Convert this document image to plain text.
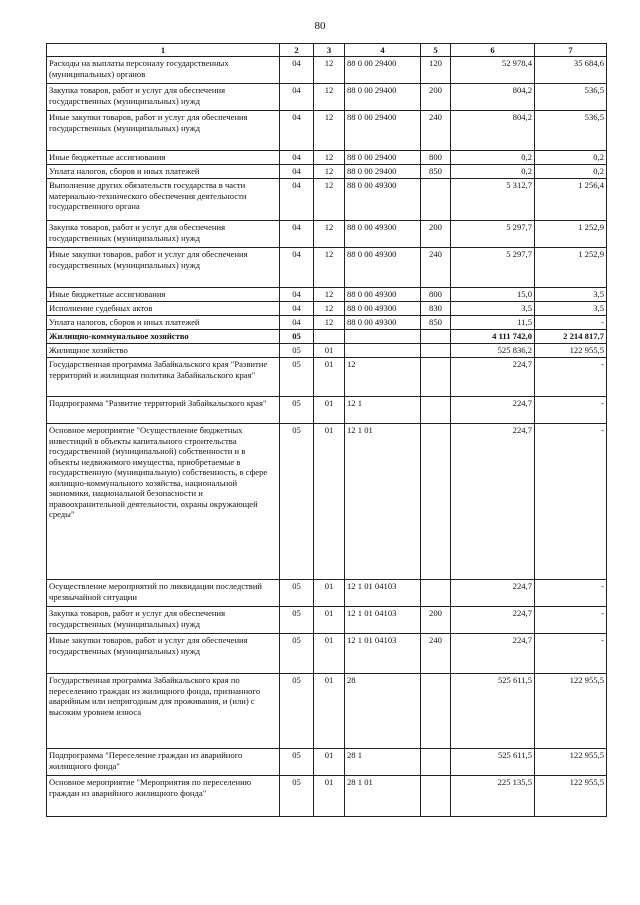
80
1	2	3	4	5	6	7
Расходы на выплаты персоналу государственных (муниципальных) органов	04	12	88 0 00 29400	120	52 978,4	35 684,6
Закупка товаров, работ и услуг для обеспечения государственных (муниципальных) нужд	04	12	88 0 00 29400	200	804,2	536,5
Иные закупки товаров, работ и услуг для обеспечения государственных (муниципальных) нужд	04	12	88 0 00 29400	240	804,2	536,5
Иные бюджетные ассигнования	04	12	88 0 00 29400	800	0,2	0,2
Уплата налогов, сборов и иных платежей	04	12	88 0 00 29400	850	0,2	0,2
Выполнение других обязательств государства в части материально-технического обеспечения деятельности государственного органа	04	12	88 0 00 49300		5 312,7	1 256,4
Закупка товаров, работ и услуг для обеспечения государственных (муниципальных) нужд	04	12	88 0 00 49300	200	5 297,7	1 252,9
Иные закупки товаров, работ и услуг для обеспечения государственных (муниципальных) нужд	04	12	88 0 00 49300	240	5 297,7	1 252,9
Иные бюджетные ассигнования	04	12	88 0 00 49300	800	15,0	3,5
Исполнение судебных актов	04	12	88 0 00 49300	830	3,5	3,5
Уплата налогов, сборов и иных платежей	04	12	88 0 00 49300	850	11,5	-
Жилищно-коммунальное хозяйство	05				4 111 742,0	2 214 817,7
Жилищное хозяйство	05	01			525 836,2	122 955,5
Государственная программа Забайкальского края "Развитие территорий и жилищная политика Забайкальского края"	05	01	12		224,7	-
Подпрограмма "Развитие территорий Забайкальского края"	05	01	12 1		224,7	-
Основное мероприятие "Осуществление бюджетных инвестиций в объекты капитального строительства государственной (муниципальной) собственности и в объекты недвижимого имущества, приобретаемые в государственную (муниципальную) собственность, в сфере жилищно-коммунального хозяйства, национальной экономики, национальной безопасности и правоохранительной деятельности, охраны окружающей среды"	05	01	12 1 01		224,7	-
Осуществление мероприятий по ликвидации последствий чрезвычайной ситуации	05	01	12 1 01 04103		224,7	-
Закупка товаров, работ и услуг для обеспечения государственных (муниципальных) нужд	05	01	12 1 01 04103	200	224,7	-
Иные закупки товаров, работ и услуг для обеспечения государственных (муниципальных) нужд	05	01	12 1 01 04103	240	224,7	-
Государственная программа Забайкальского края по переселению граждан из жилищного фонда, признанного аварийным или непригодным для проживания, и (или) с высоким уровнем износа	05	01	28		525 611,5	122 955,5
Подпрограмма "Переселение граждан из аварийного жилищного фонда"	05	01	28 1		525 611,5	122 955,5
Основное мероприятие "Мероприятия по переселению граждан из аварийного жилищного фонда"	05	01	28 1 01		225 135,5	122 955,5
